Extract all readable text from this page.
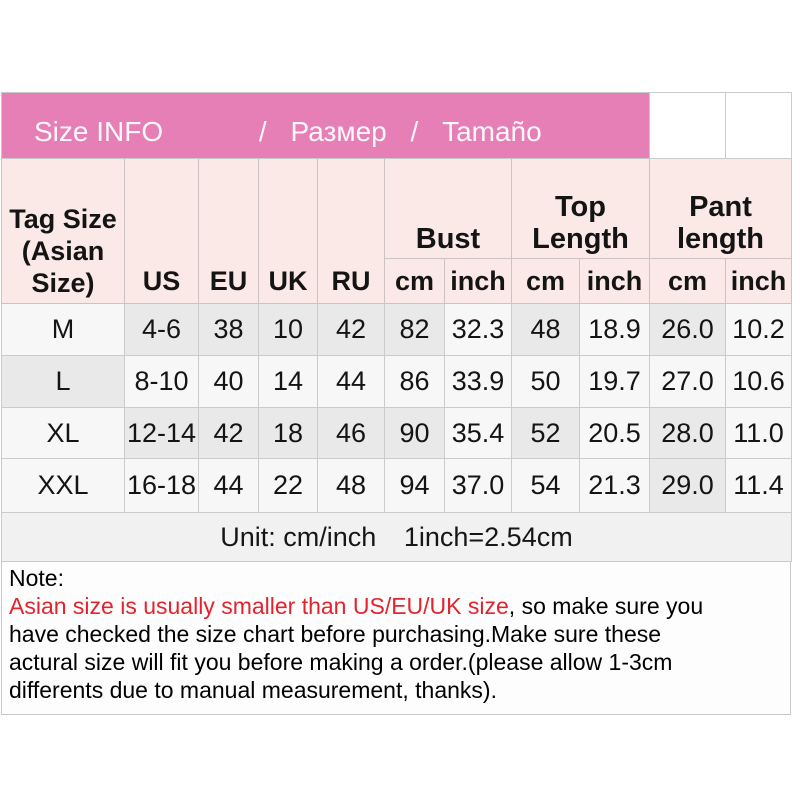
Size INFO / Размер / Tamaño										

Tag Size
(Asian
Size)	US	EU	UK	RU	
Bust

Top
Length

Pant
length

					cm	inch	cm	inch	cm	inch
M	4-6	38	10	42	82	32.3	48	18.9	26.0	10.2
L	8-10	40	14	44	86	33.9	50	19.7	27.0	10.6
XL	12-14	42	18	46	90	35.4	52	20.5	28.0	11.0
XXL	16-18	44	22	48	94	37.0	54	21.3	29.0	11.4
Unit: cm/inch 1inch=2.54cm										
Note:
Asian size is usually smaller than US/EU/UK size, so make sure you
have checked the size chart before purchasing.Make sure these
actural size will fit you before making a order.(please allow 1-3cm
differents due to manual measurement, thanks).
